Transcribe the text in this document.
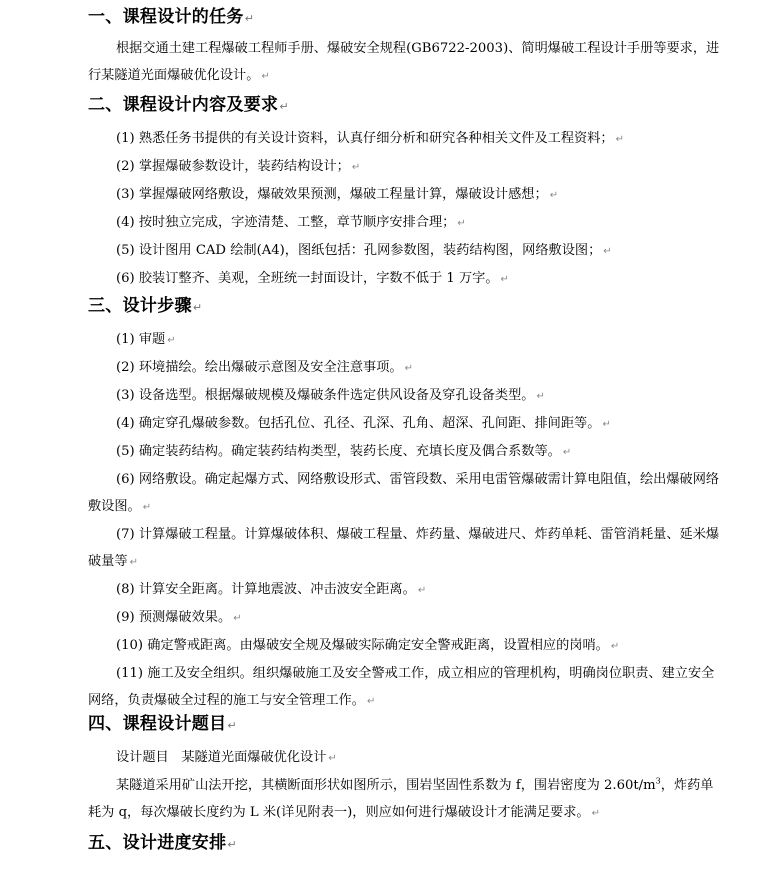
一、课程设计的任务↵

根据交通土建工程爆破工程师手册、爆破安全规程(GB6722-2003)、简明爆破工程设计手册等要求，进行某隧道光面爆破优化设计。 ↵

二、课程设计内容及要求↵

(1) 熟悉任务书提供的有关设计资料，认真仔细分析和研究各种相关文件及工程资料； ↵

(2) 掌握爆破参数设计，装药结构设计； ↵

(3) 掌握爆破网络敷设，爆破效果预测，爆破工程量计算，爆破设计感想； ↵

(4) 按时独立完成，字迹清楚、工整，章节顺序安排合理； ↵

(5) 设计图用 CAD 绘制(A4)，图纸包括：孔网参数图，装药结构图，网络敷设图； ↵

(6) 胶装订整齐、美观，全班统一封面设计，字数不低于 1 万字。 ↵

三、设计步骤↵

(1) 审题 ↵

(2) 环境描绘。绘出爆破示意图及安全注意事项。 ↵

(3) 设备选型。根据爆破规模及爆破条件选定供风设备及穿孔设备类型。 ↵

(4) 确定穿孔爆破参数。包括孔位、孔径、孔深、孔角、超深、孔间距、排间距等。 ↵

(5) 确定装药结构。确定装药结构类型，装药长度、充填长度及偶合系数等。 ↵

(6) 网络敷设。确定起爆方式、网络敷设形式、雷管段数、采用电雷管爆破需计算电阻值，绘出爆破网络敷设图。 ↵

(7) 计算爆破工程量。计算爆破体积、爆破工程量、炸药量、爆破进尺、炸药单耗、雷管消耗量、延米爆破量等 ↵

(8) 计算安全距离。计算地震波、冲击波安全距离。 ↵

(9) 预测爆破效果。 ↵

(10) 确定警戒距离。由爆破安全规及爆破实际确定安全警戒距离，设置相应的岗哨。 ↵

(11) 施工及安全组织。组织爆破施工及安全警戒工作，成立相应的管理机构，明确岗位职责、建立安全网络，负责爆破全过程的施工与安全管理工作。 ↵

四、课程设计题目↵

设计题目   某隧道光面爆破优化设计 ↵

某隧道采用矿山法开挖，其横断面形状如图所示，围岩坚固性系数为 f，围岩密度为 $2.60t/m^3$，炸药单耗为 q，每次爆破长度约为 L 米(详见附表一)，则应如何进行爆破设计才能满足要求。 ↵

五、设计进度安排↵
